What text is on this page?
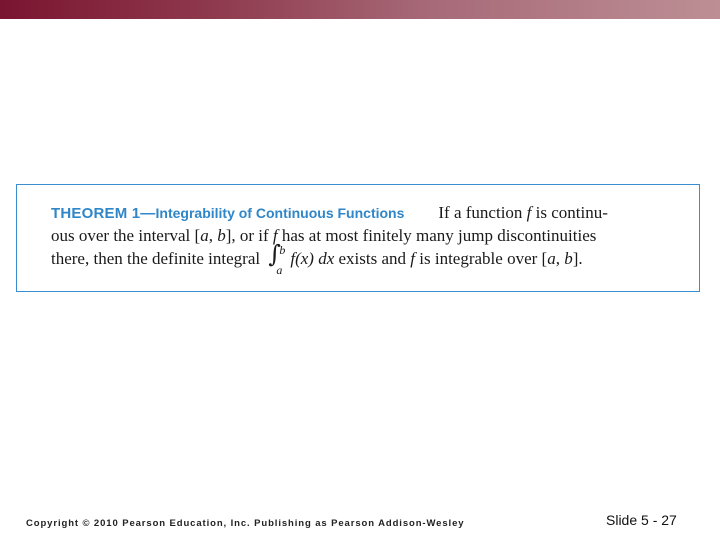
THEOREM 1—Integrability of Continuous Functions If a function f is continu-
ous over the interval [a, b], or if f has at most finitely many jump discontinuities
there, then the definite integral ∫
b
a
f(x) dx exists and f is integrable over [a, b].
Copyright © 2010 Pearson Education, Inc. Publishing as Pearson Addison-Wesley	Slide 5 - 27
